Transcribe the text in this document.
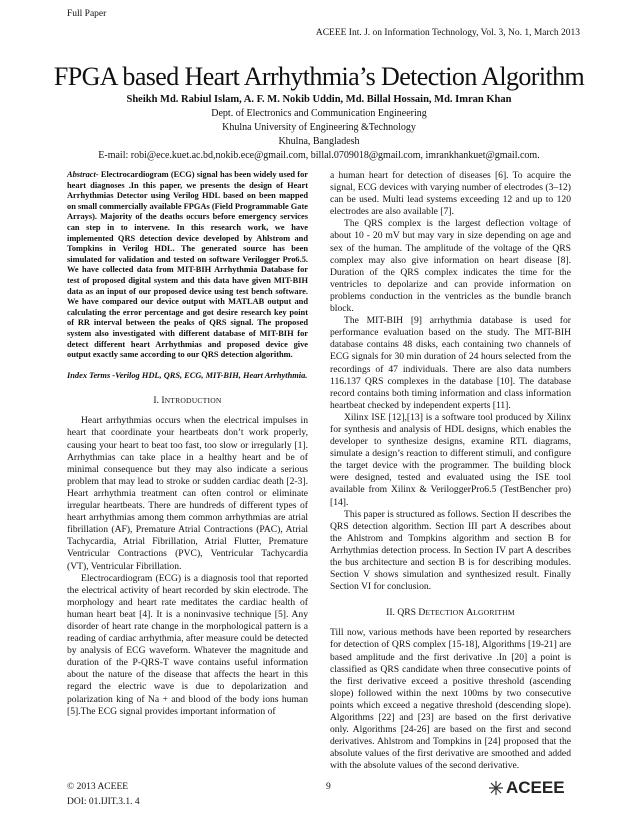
Full Paper
ACEEE Int. J. on Information Technology, Vol. 3, No. 1, March 2013
FPGA based Heart Arrhythmia’s Detection Algorithm
Sheikh Md. Rabiul Islam, A. F. M. Nokib Uddin, Md. Billal Hossain, Md. Imran Khan
Dept. of Electronics and Communication Engineering
Khulna University of Engineering &Technology
Khulna, Bangladesh
E-mail: robi@ece.kuet.ac.bd,nokib.ece@gmail.com, billal.0709018@gmail.com, imrankhankuet@gmail.com.

Abstract- Electrocardiogram (ECG) signal has been widely used for heart diagnoses .In this paper, we presents the design of Heart Arrhythmias Detector using Verilog HDL based on been mapped on small commercially available FPGAs (Field Programmable Gate Arrays). Majority of the deaths occurs before emergency services can step in to intervene. In this research work, we have implemented QRS detection device developed by Ahlstrom and Tompkins in Verilog HDL. The generated source has been simulated for validation and tested on software Verilogger Pro6.5. We have collected data from MIT-BIH Arrhythmia Database for test of proposed digital system and this data have given MIT-BIH data as an input of our proposed device using test bench software. We have compared our device output with MATLAB output and calculating the error percentage and got desire research key point of RR interval between the peaks of QRS signal. The proposed system also investigated with different database of MIT-BIH for detect different heart Arrhythmias and proposed device give output exactly same according to our QRS detection algorithm.

Index Terms -Verilog HDL, QRS, ECG, MIT-BIH, Heart Arrhythmia.

I. INTRODUCTION

Heart arrhythmias occurs when the electrical impulses in heart that coordinate your heartbeats don’t work properly, causing your heart to beat too fast, too slow or irregularly [1]. Arrhythmias can take place in a healthy heart and be of minimal consequence but they may also indicate a serious problem that may lead to stroke or sudden cardiac death [2-3]. Heart arrhythmia treatment can often control or eliminate irregular heartbeats. There are hundreds of different types of heart arrhythmias among them common arrhythmias are atrial fibrillation (AF), Premature Atrial Contractions (PAC), Atrial Tachycardia, Atrial Fibrillation, Atrial Flutter, Premature Ventricular Contractions (PVC), Ventricular Tachycardia (VT), Ventricular Fibrillation.

Electrocardiogram (ECG) is a diagnosis tool that reported the electrical activity of heart recorded by skin electrode. The morphology and heart rate meditates the cardiac health of human heart beat [4]. It is a noninvasive technique [5]. Any disorder of heart rate change in the morphological pattern is a reading of cardiac arrhythmia, after measure could be detected by analysis of ECG waveform. Whatever the magnitude and duration of the P-QRS-T wave contains useful information about the nature of the disease that affects the heart in this regard the electric wave is due to depolarization and polarization king of Na + and blood of the body ions human [5].The ECG signal provides important information of

a human heart for detection of diseases [6]. To acquire the signal, ECG devices with varying number of electrodes (3–12) can be used. Multi lead systems exceeding 12 and up to 120 electrodes are also available [7].

The QRS complex is the largest deflection voltage of about 10 - 20 mV but may vary in size depending on age and sex of the human. The amplitude of the voltage of the QRS complex may also give information on heart disease [8]. Duration of the QRS complex indicates the time for the ventricles to depolarize and can provide information on problems conduction in the ventricles as the bundle branch block.

The MIT-BIH [9] arrhythmia database is used for performance evaluation based on the study. The MIT-BIH database contains 48 disks, each containing two channels of ECG signals for 30 min duration of 24 hours selected from the recordings of 47 individuals. There are also data numbers 116.137 QRS complexes in the database [10]. The database record contains both timing information and class information heartbeat checked by independent experts [11].

Xilinx ISE [12],[13] is a software tool produced by Xilinx for synthesis and analysis of HDL designs, which enables the developer to synthesize designs, examine RTL diagrams, simulate a design’s reaction to different stimuli, and configure the target device with the programmer. The building block were designed, tested and evaluated using the ISE tool available from Xilinx & VeriloggerPro6.5 (TestBencher pro)[14].

This paper is structured as follows. Section II describes the QRS detection algorithm. Section III part A describes about the Ahlstrom and Tompkins algorithm and section B for Arrhythmias detection process. In Section IV part A describes the bus architecture and section B is for describing modules. Section V shows simulation and synthesized result. Finally Section VI for conclusion.

II. QRS DETECTION ALGORITHM

Till now, various methods have been reported by researchers for detection of QRS complex [15-18], Algorithms [19-21] are based amplitude and the first derivative .In [20] a point is classified as QRS candidate when three consecutive points of the first derivative exceed a positive threshold (ascending slope) followed within the next 100ms by two consecutive points which exceed a negative threshold (descending slope). Algorithms [22] and [23] are based on the first derivative only. Algorithms [24-26] are based on the first and second derivatives. Ahlstrom and Tompkins in [24] proposed that the absolute values of the first derivative are smoothed and added with the absolute values of the second derivative.

© 2013 ACEEE
DOI: 01.IJIT.3.1. 4
9	ACEEE
